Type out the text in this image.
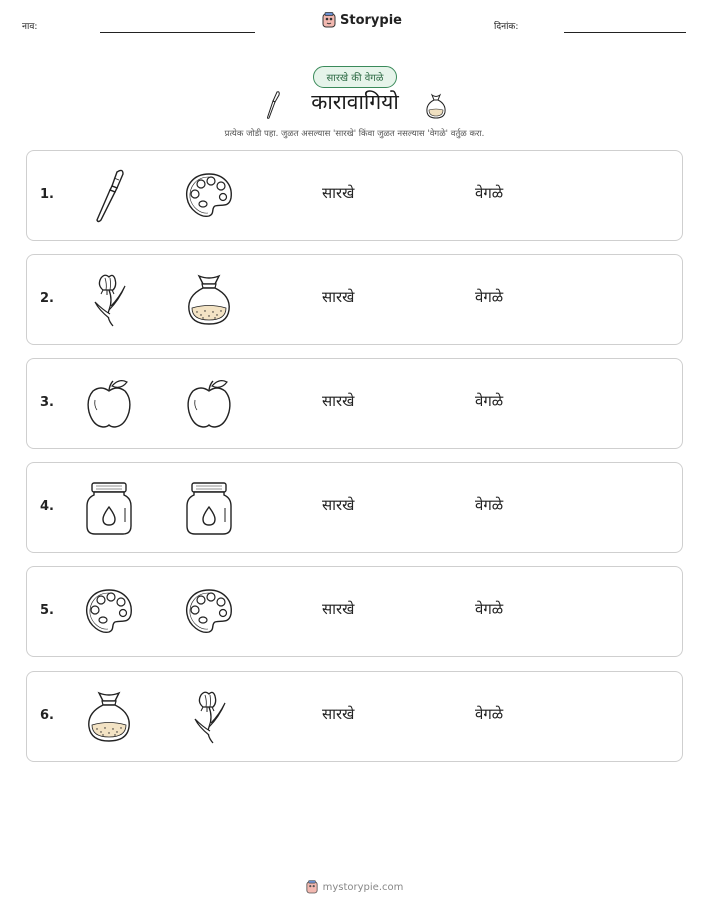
नाव:	Storypie	दिनांक:
सारखे की वेगळे
कारावागियो
प्रत्येक जोडी पहा. जुळत असल्यास 'सारखे' किंवा जुळत नसल्यास 'वेगळे' वर्तुळ करा.
1.	सारखे	वेगळे
2.	सारखे	वेगळे
3.	सारखे	वेगळे
4.	सारखे	वेगळे
5.	सारखे	वेगळे
6.	सारखे	वेगळे
mystorypie.com
